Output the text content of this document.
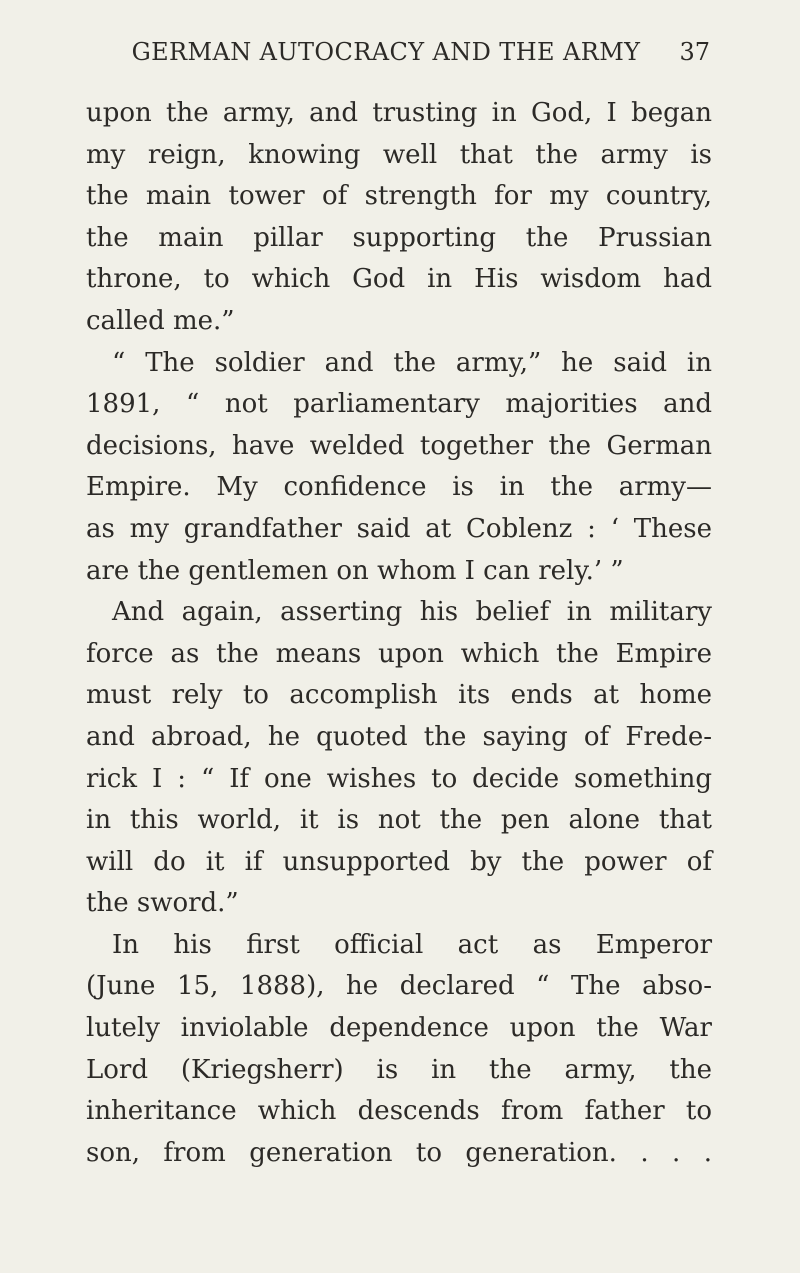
GERMAN AUTOCRACY AND THE ARMY	37
upon the army, and trusting in God, I began
my reign, knowing well that the army is
the main tower of strength for my country,
the main pillar supporting the Prussian
throne, to which God in His wisdom had
called me.”
“ The soldier and the army,” he said in
1891, “ not parliamentary majorities and
decisions, have welded together the German
Empire. My confidence is in the army—
as my grandfather said at Coblenz : ‘ These
are the gentlemen on whom I can rely.’ ”
And again, asserting his belief in military
force as the means upon which the Empire
must rely to accomplish its ends at home
and abroad, he quoted the saying of Frede-
rick I : “ If one wishes to decide something
in this world, it is not the pen alone that
will do it if unsupported by the power of
the sword.”
In his first official act as Emperor
(June 15, 1888), he declared “ The abso-
lutely inviolable dependence upon the War
Lord (Kriegsherr) is in the army, the
inheritance which descends from father to
son, from generation to generation. . . .
